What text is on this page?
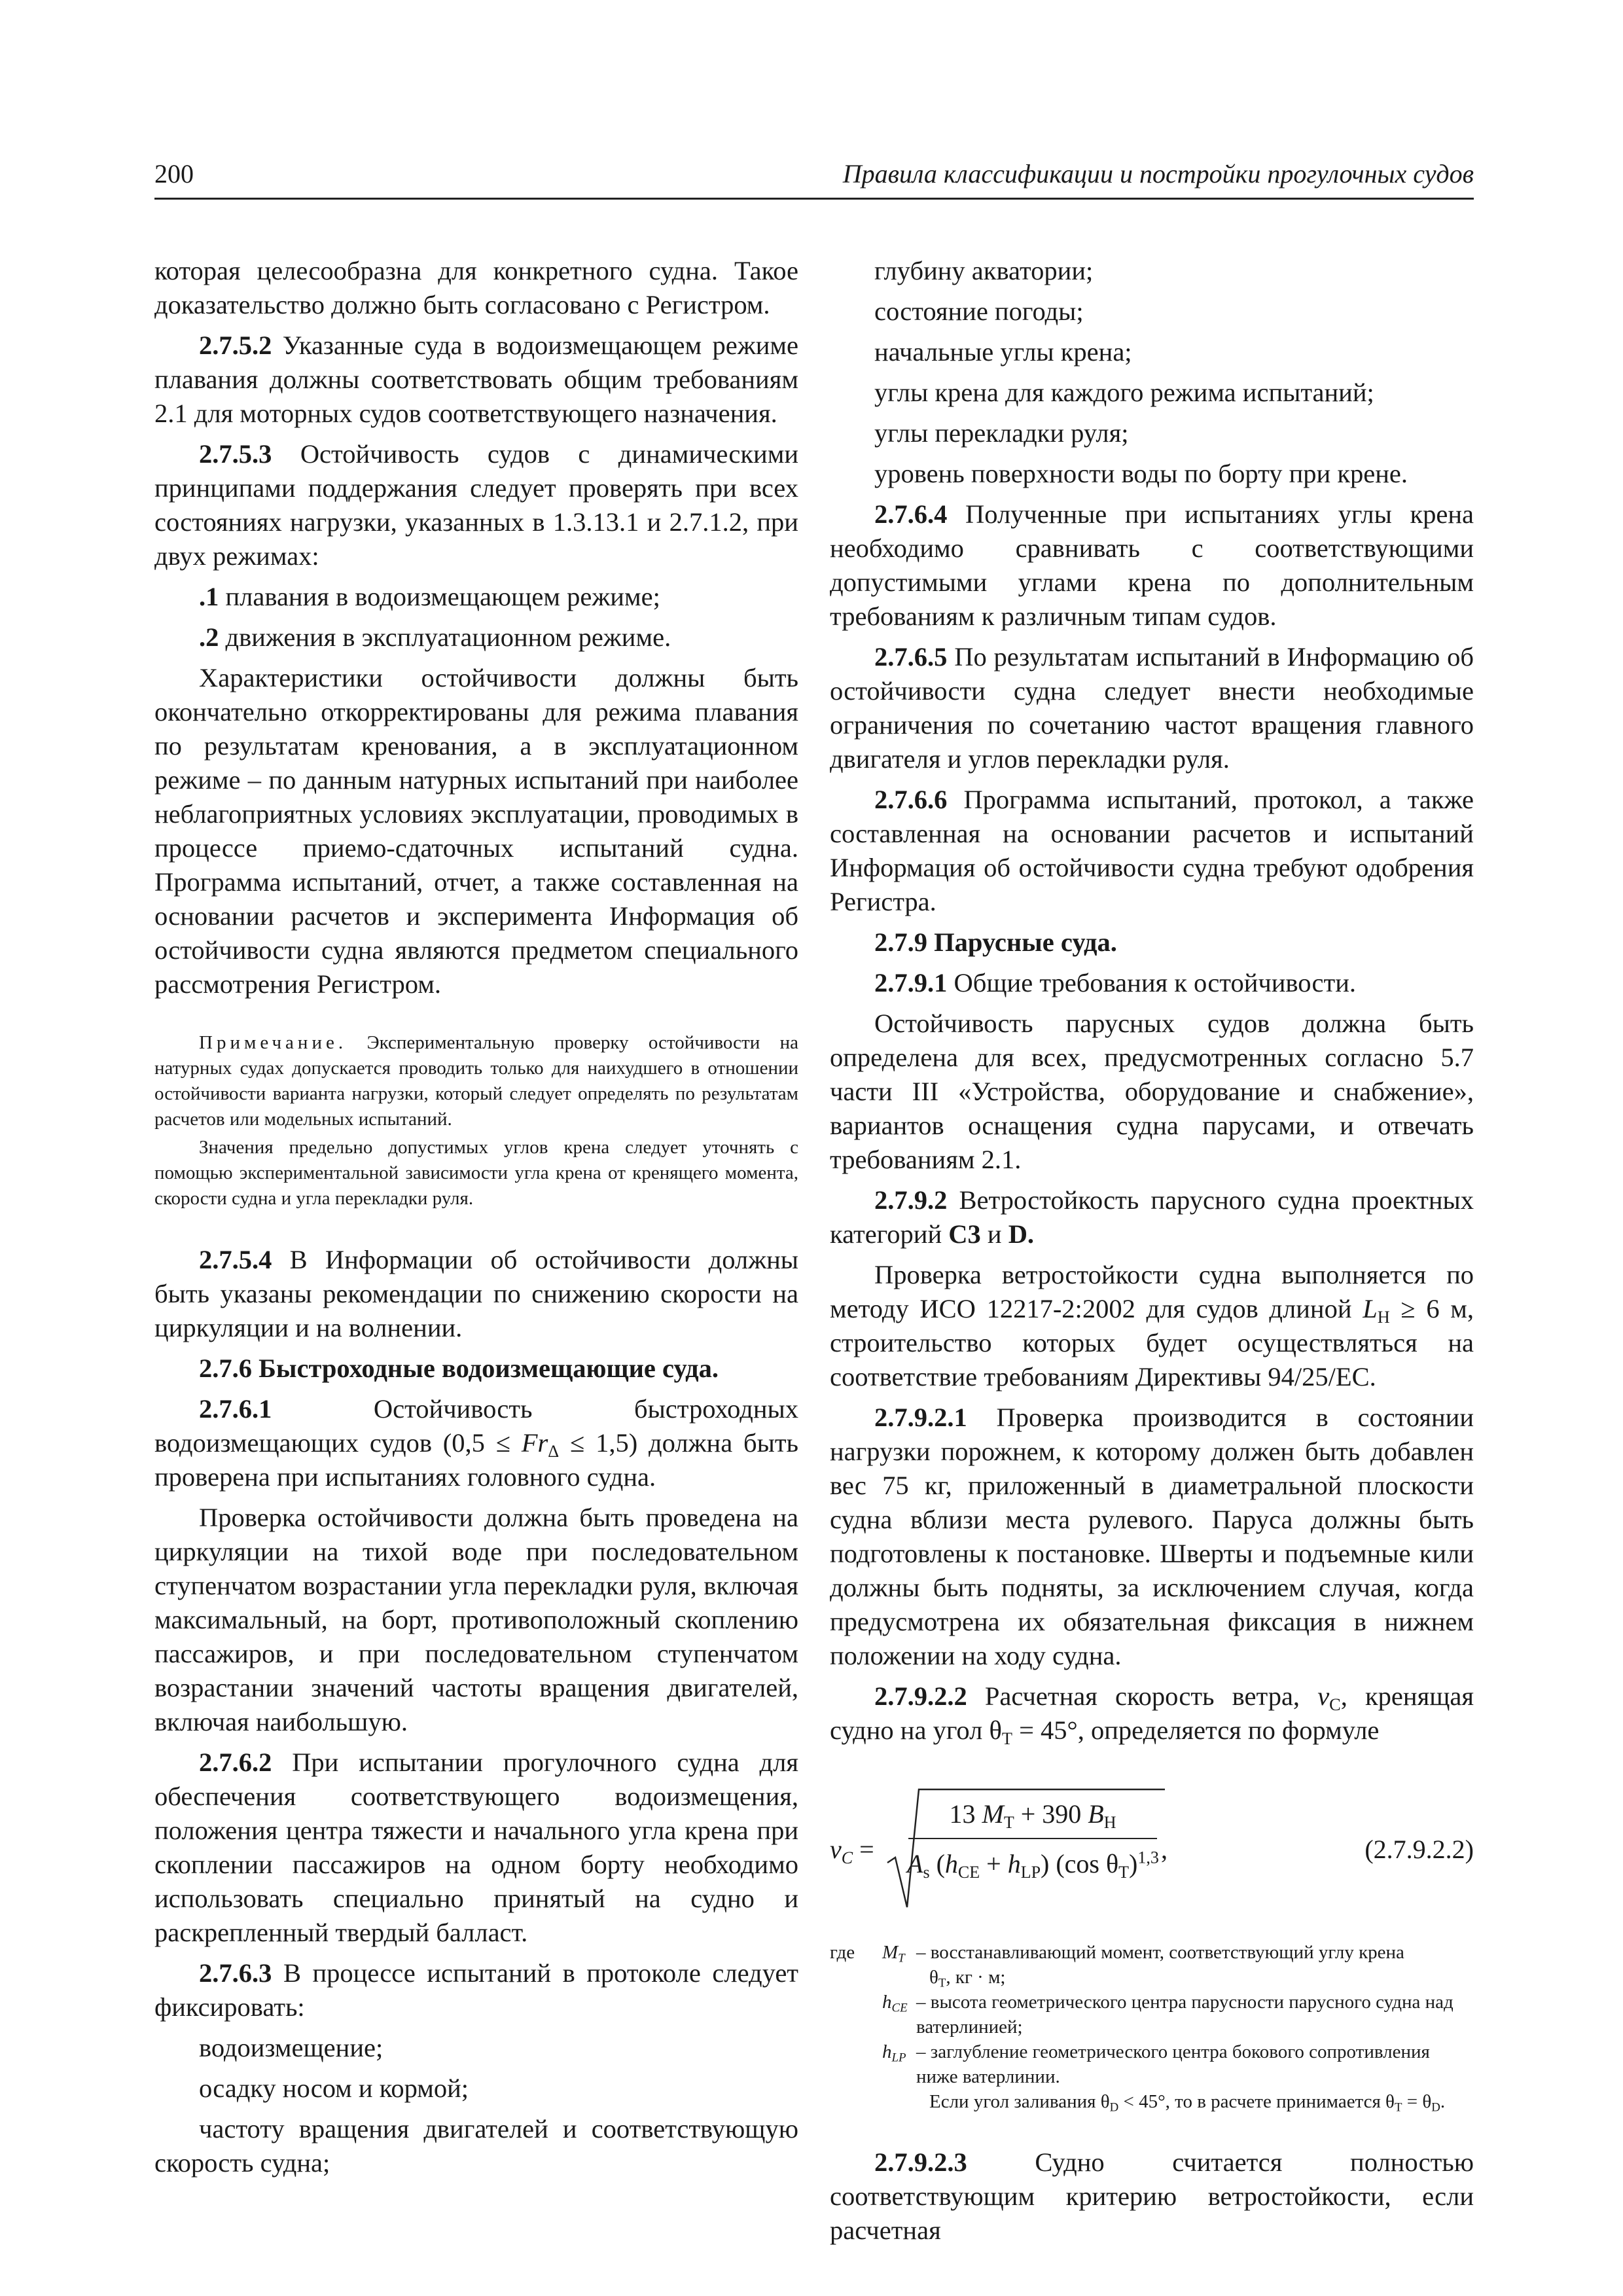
200	Правила классификации и постройки прогулочных судов

которая целесообразна для конкретного судна. Такое доказательство должно быть согласовано с Регистром.

2.7.5.2 Указанные суда в водоизмещающем режиме плавания должны соответствовать общим требованиям 2.1 для моторных судов соответствующего назначения.

2.7.5.3 Остойчивость судов с динамическими принципами поддержания следует проверять при всех состояниях нагрузки, указанных в 1.3.13.1 и 2.7.1.2, при двух режимах:

.1 плавания в водоизмещающем режиме;

.2 движения в эксплуатационном режиме.

Характеристики остойчивости должны быть окончательно откорректированы для режима плавания по результатам кренования, а в эксплуатационном режиме – по данным натурных испытаний при наиболее неблагоприятных условиях эксплуатации, проводимых в процессе приемо-сдаточных испытаний судна. Программа испытаний, отчет, а также составленная на основании расчетов и эксперимента Информация об остойчивости судна являются предметом специального рассмотрения Регистром.

Примечание. Экспериментальную проверку остойчивости на натурных судах допускается проводить только для наихудшего в отношении остойчивости варианта нагрузки, который следует определять по результатам расчетов или модельных испытаний.

Значения предельно допустимых углов крена следует уточнять с помощью экспериментальной зависимости угла крена от кренящего момента, скорости судна и угла перекладки руля.

2.7.5.4 В Информации об остойчивости должны быть указаны рекомендации по снижению скорости на циркуляции и на волнении.

2.7.6 Быстроходные водоизмещающие суда.

2.7.6.1	Остойчивость быстроходных водоизмещающих судов $(0,5 \le Fr_\Delta \le 1,5)$ должна быть проверена при испытаниях головного судна.

Проверка остойчивости должна быть проведена на циркуляции на тихой воде при последовательном ступенчатом возрастании угла перекладки руля, включая максимальный, на борт, противоположный скоплению пассажиров, и при последовательном ступенчатом возрастании значений частоты вращения двигателей, включая наибольшую.

2.7.6.2 При испытании прогулочного судна для обеспечения соответствующего водоизмещения, положения центра тяжести и начального угла крена при скоплении пассажиров на одном борту необходимо использовать специально принятый на судно и раскрепленный твердый балласт.

2.7.6.3 В процессе испытаний в протоколе следует фиксировать:

водоизмещение;

осадку носом и кормой;

частоту вращения двигателей и соответствующую скорость судна;

глубину акватории;

состояние погоды;

начальные углы крена;

углы крена для каждого режима испытаний;

углы перекладки руля;

уровень поверхности воды по борту при крене.

2.7.6.4 Полученные при испытаниях углы крена необходимо сравнивать с соответствующими допустимыми углами крена по дополнительным требованиям к различным типам судов.

2.7.6.5 По результатам испытаний в Информацию об остойчивости судна следует внести необходимые ограничения по сочетанию частот вращения главного двигателя и углов перекладки руля.

2.7.6.6 Программа испытаний, протокол, а также составленная на основании расчетов и испытаний Информация об остойчивости судна требуют одобрения Регистра.

2.7.9 Парусные суда.

2.7.9.1 Общие требования к остойчивости.

Остойчивость парусных судов должна быть определена для всех, предусмотренных согласно 5.7 части III «Устройства, оборудование и снабжение», вариантов оснащения судна парусами, и отвечать требованиям 2.1.

2.7.9.2 Ветростойкость парусного судна проектных категорий C3 и D.

Проверка ветростойкости судна выполняется по методу ИСО 12217-2:2002 для судов длиной $L_H \ge 6$ м, строительство которых будет осуществляться на соответствие требованиям Директивы 94/25/ЕС.

2.7.9.2.1 Проверка производится в состоянии нагрузки порожнем, к которому должен быть добавлен вес 75 кг, приложенный в диаметральной плоскости судна вблизи места рулевого. Паруса должны быть подготовлены к постановке. Шверты и подъемные кили должны быть подняты, за исключением случая, когда предусмотрена их обязательная фиксация в нижнем положении на ходу судна.

2.7.9.2.2 Расчетная скорость ветра, $v_C$, кренящая судно на угол $\theta_T = 45^\circ$, определяется по формуле

$v_C$ =
13 $M_T + 390$ $B_H$
$A_s$ $(h_{CE} + h_{LP})$ (cos $\theta_T)^{1,3}$ ,	(2.7.9.2.2)
где $M_T$ – восстанавливающий момент, соответствующий углу крена
$\theta_T$, кг · м;
$h_{CE}$ – высота геометрического центра парусности парусного судна над ватерлинией;
$h_{LP}$ – заглубление геометрического центра бокового сопротивления ниже ватерлинии.
Если угол заливания $\theta_D < 45^\circ$, то в расчете принимается $\theta_T = \theta_D$.

2.7.9.2.3	Судно считается полностью соответствующим критерию ветростойкости, если расчетная
